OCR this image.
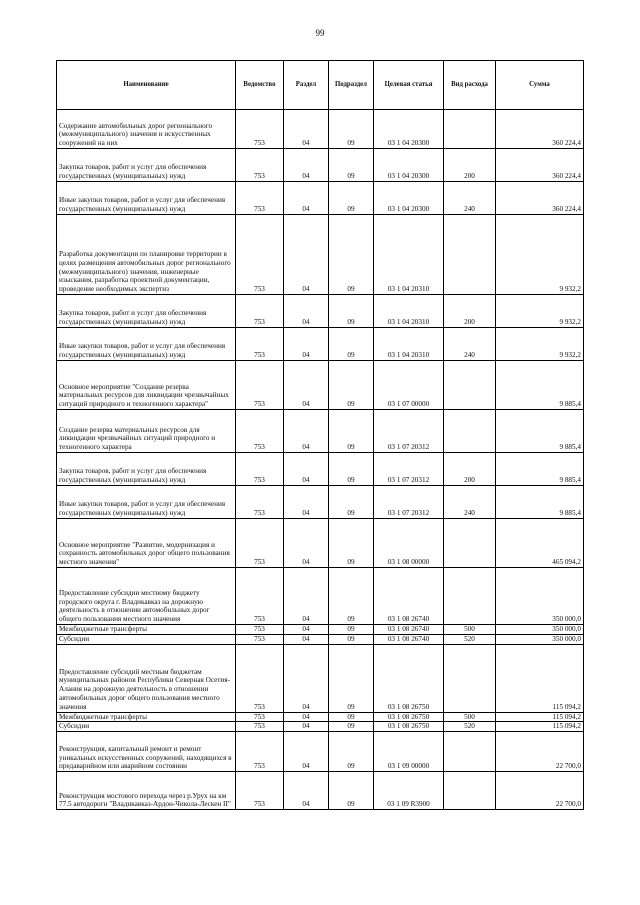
99
Наименование	Ведомство	Раздел	Подраздел	Целевая статья	Вид расхода	Сумма
Содержание автомобильных дорог регионального (межмуниципального) значения и искусственных сооружений на них	753	04	09	03 1 04 20300		360 224,4
Закупка товаров, работ и услуг для обеспечения государственных (муниципальных) нужд	753	04	09	03 1 04 20300	200	360 224,4
Иные закупки товаров, работ и услуг для обеспечения государственных (муниципальных) нужд	753	04	09	03 1 04 20300	240	360 224,4
Разработка документации по планировке территории в целях размещения автомобильных дорог регионального (межмуниципального) значения, инженерные изыскания, разработка проектной документации, проведение необходимых экспертиз	753	04	09	03 1 04 20310		9 932,2
Закупка товаров, работ и услуг для обеспечения государственных (муниципальных) нужд	753	04	09	03 1 04 20310	200	9 932,2
Иные закупки товаров, работ и услуг для обеспечения государственных (муниципальных) нужд	753	04	09	03 1 04 20310	240	9 932,2
Основное мероприятие "Создание резерва материальных ресурсов для ликвидации чрезвычайных ситуаций природного и техногенного характера"	753	04	09	03 1 07 00000		9 885,4
Создание резерва материальных ресурсов для ликвидации чрезвычайных ситуаций природного и техногенного характера	753	04	09	03 1 07 20312		9 885,4
Закупка товаров, работ и услуг для обеспечения государственных (муниципальных) нужд	753	04	09	03 1 07 20312	200	9 885,4
Иные закупки товаров, работ и услуг для обеспечения государственных (муниципальных) нужд	753	04	09	03 1 07 20312	240	9 885,4
Основное мероприятие "Развитие, модернизация и сохранность автомобильных дорог общего пользования местного значения"	753	04	09	03 1 08 00000		465 094,2
Предоставление субсидии местному бюджету городского округа г. Владикавказ на дорожную деятельность в отношении автомобильных дорог общего пользования местного значения	753	04	09	03 1 08 26740		350 000,0
Межбюджетные трансферты	753	04	09	03 1 08 26740	500	350 000,0
Субсидии	753	04	09	03 1 08 26740	520	350 000,0
Предоставление субсидий местным бюджетам муниципальных районов Республики Северная Осетия-Алания на дорожную деятельность в отношении автомобильных дорог общего пользования местного значения	753	04	09	03 1 08 26750		115 094,2
Межбюджетные трансферты	753	04	09	03 1 08 26750	500	115 094,2
Субсидии	753	04	09	03 1 08 26750	520	115 094,2
Реконструкция, капитальный ремонт и ремонт уникальных искусственных сооружений, находящихся в предаварийном или аварийном состоянии	753	04	09	03 1 09 00000		22 700,0
Реконструкция мостового перехода через р.Урух на км 77.5 автодороги "Владикавказ-Ардон-Чикола-Лескен II"	753	04	09	03 1 09 R3900		22 700,0
